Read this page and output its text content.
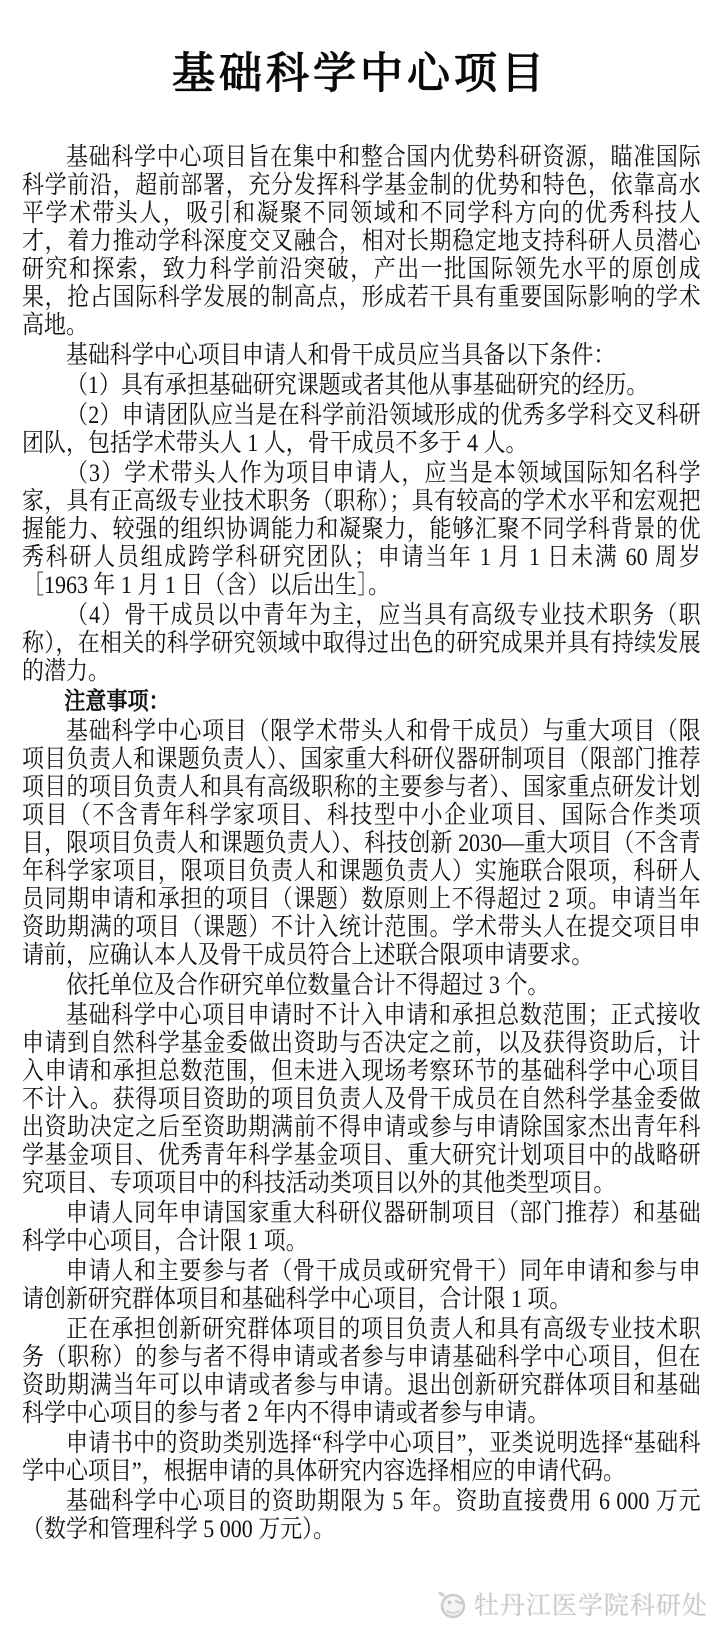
基础科学中心项目

基础科学中心项目旨在集中和整合国内优势科研资源，瞄准国际科学前沿，超前部署，充分发挥科学基金制的优势和特色，依靠高水平学术带头人，吸引和凝聚不同领域和不同学科方向的优秀科技人才，着力推动学科深度交叉融合，相对长期稳定地支持科研人员潜心研究和探索，致力科学前沿突破，产出一批国际领先水平的原创成果，抢占国际科学发展的制高点，形成若干具有重要国际影响的学术高地。

基础科学中心项目申请人和骨干成员应当具备以下条件：

（1）具有承担基础研究课题或者其他从事基础研究的经历。

（2）申请团队应当是在科学前沿领域形成的优秀多学科交叉科研团队，包括学术带头人 1 人，骨干成员不多于 4 人。

（3）学术带头人作为项目申请人，应当是本领域国际知名科学家，具有正高级专业技术职务（职称）；具有较高的学术水平和宏观把握能力、较强的组织协调能力和凝聚力，能够汇聚不同学科背景的优秀科研人员组成跨学科研究团队；申请当年 1 月 1 日未满 60 周岁［1963 年 1 月 1 日（含）以后出生］。

（4）骨干成员以中青年为主，应当具有高级专业技术职务（职称），在相关的科学研究领域中取得过出色的研究成果并具有持续发展的潜力。

注意事项：

基础科学中心项目（限学术带头人和骨干成员）与重大项目（限项目负责人和课题负责人）、国家重大科研仪器研制项目（限部门推荐项目的项目负责人和具有高级职称的主要参与者）、国家重点研发计划项目（不含青年科学家项目、科技型中小企业项目、国际合作类项目，限项目负责人和课题负责人）、科技创新 2030—重大项目（不含青年科学家项目，限项目负责人和课题负责人）实施联合限项，科研人员同期申请和承担的项目（课题）数原则上不得超过 2 项。申请当年资助期满的项目（课题）不计入统计范围。学术带头人在提交项目申请前，应确认本人及骨干成员符合上述联合限项申请要求。

依托单位及合作研究单位数量合计不得超过 3 个。

基础科学中心项目申请时不计入申请和承担总数范围；正式接收申请到自然科学基金委做出资助与否决定之前，以及获得资助后，计入申请和承担总数范围，但未进入现场考察环节的基础科学中心项目不计入。获得项目资助的项目负责人及骨干成员在自然科学基金委做出资助决定之后至资助期满前不得申请或参与申请除国家杰出青年科学基金项目、优秀青年科学基金项目、重大研究计划项目中的战略研究项目、专项项目中的科技活动类项目以外的其他类型项目。

申请人同年申请国家重大科研仪器研制项目（部门推荐）和基础科学中心项目，合计限 1 项。

申请人和主要参与者（骨干成员或研究骨干）同年申请和参与申请创新研究群体项目和基础科学中心项目，合计限 1 项。

正在承担创新研究群体项目的项目负责人和具有高级专业技术职务（职称）的参与者不得申请或者参与申请基础科学中心项目，但在资助期满当年可以申请或者参与申请。退出创新研究群体项目和基础科学中心项目的参与者 2 年内不得申请或者参与申请。

申请书中的资助类别选择“科学中心项目”，亚类说明选择“基础科学中心项目”，根据申请的具体研究内容选择相应的申请代码。

基础科学中心项目的资助期限为 5 年。资助直接费用 6 000 万元（数学和管理科学 5 000 万元）。

牡丹江医学院科研处
